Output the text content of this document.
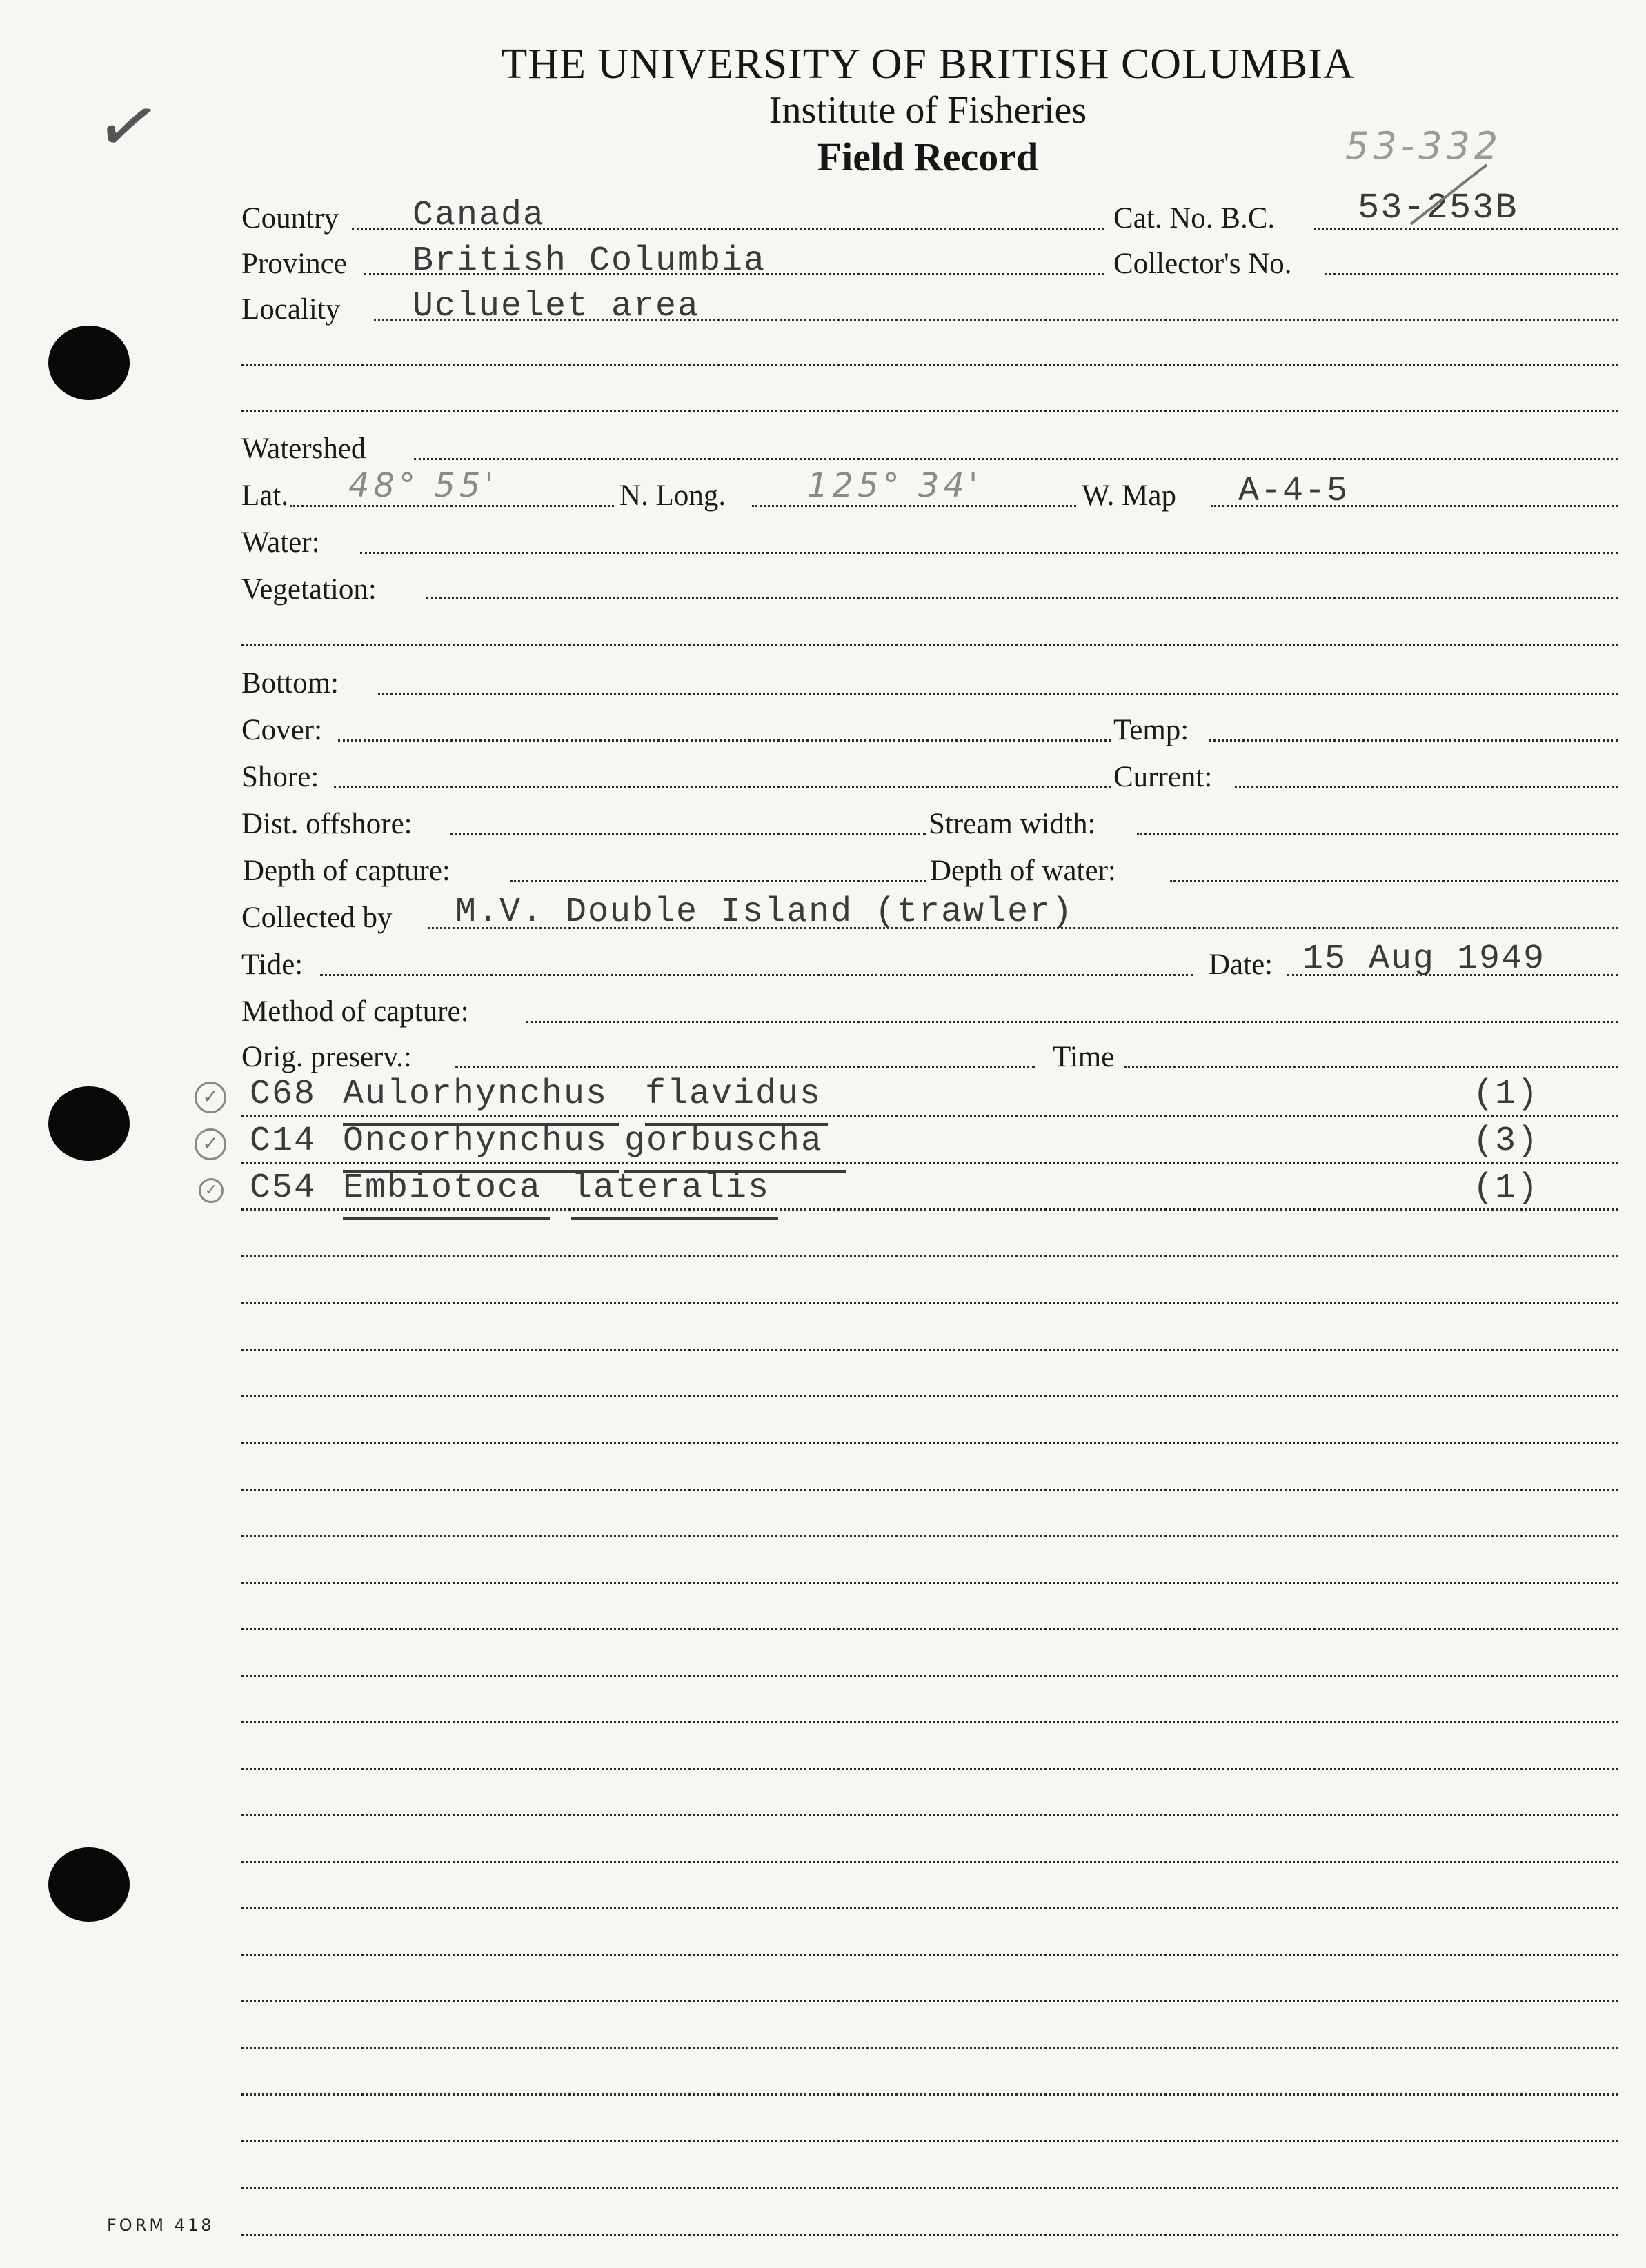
✓	53-332
THE UNIVERSITY OF BRITISH COLUMBIA
Institute of Fisheries
Field Record
Country Canada	Cat. No. B.C. 53-253B
Province British Columbia	Collector's No.
Locality Ucluelet area
Watershed
Lat. 48° 55'	N. Long. 125° 34'	W. Map A-4-5
Water:
Vegetation:
Bottom:
Cover:	Temp:
Shore:	Current:
Dist. offshore:	Stream width:
Depth of capture:	Depth of water:
Collected by M.V. Double Island (trawler)
Tide:	Date: 15 Aug 1949
Method of capture:
Orig. preserv.:	Time
✓ C68 Aulorhynchus flavidus	(1)
✓ C14 Oncorhynchus gorbuscha	(3)
✓ C54 Embiotoca lateralis	(1)
FORM 418
